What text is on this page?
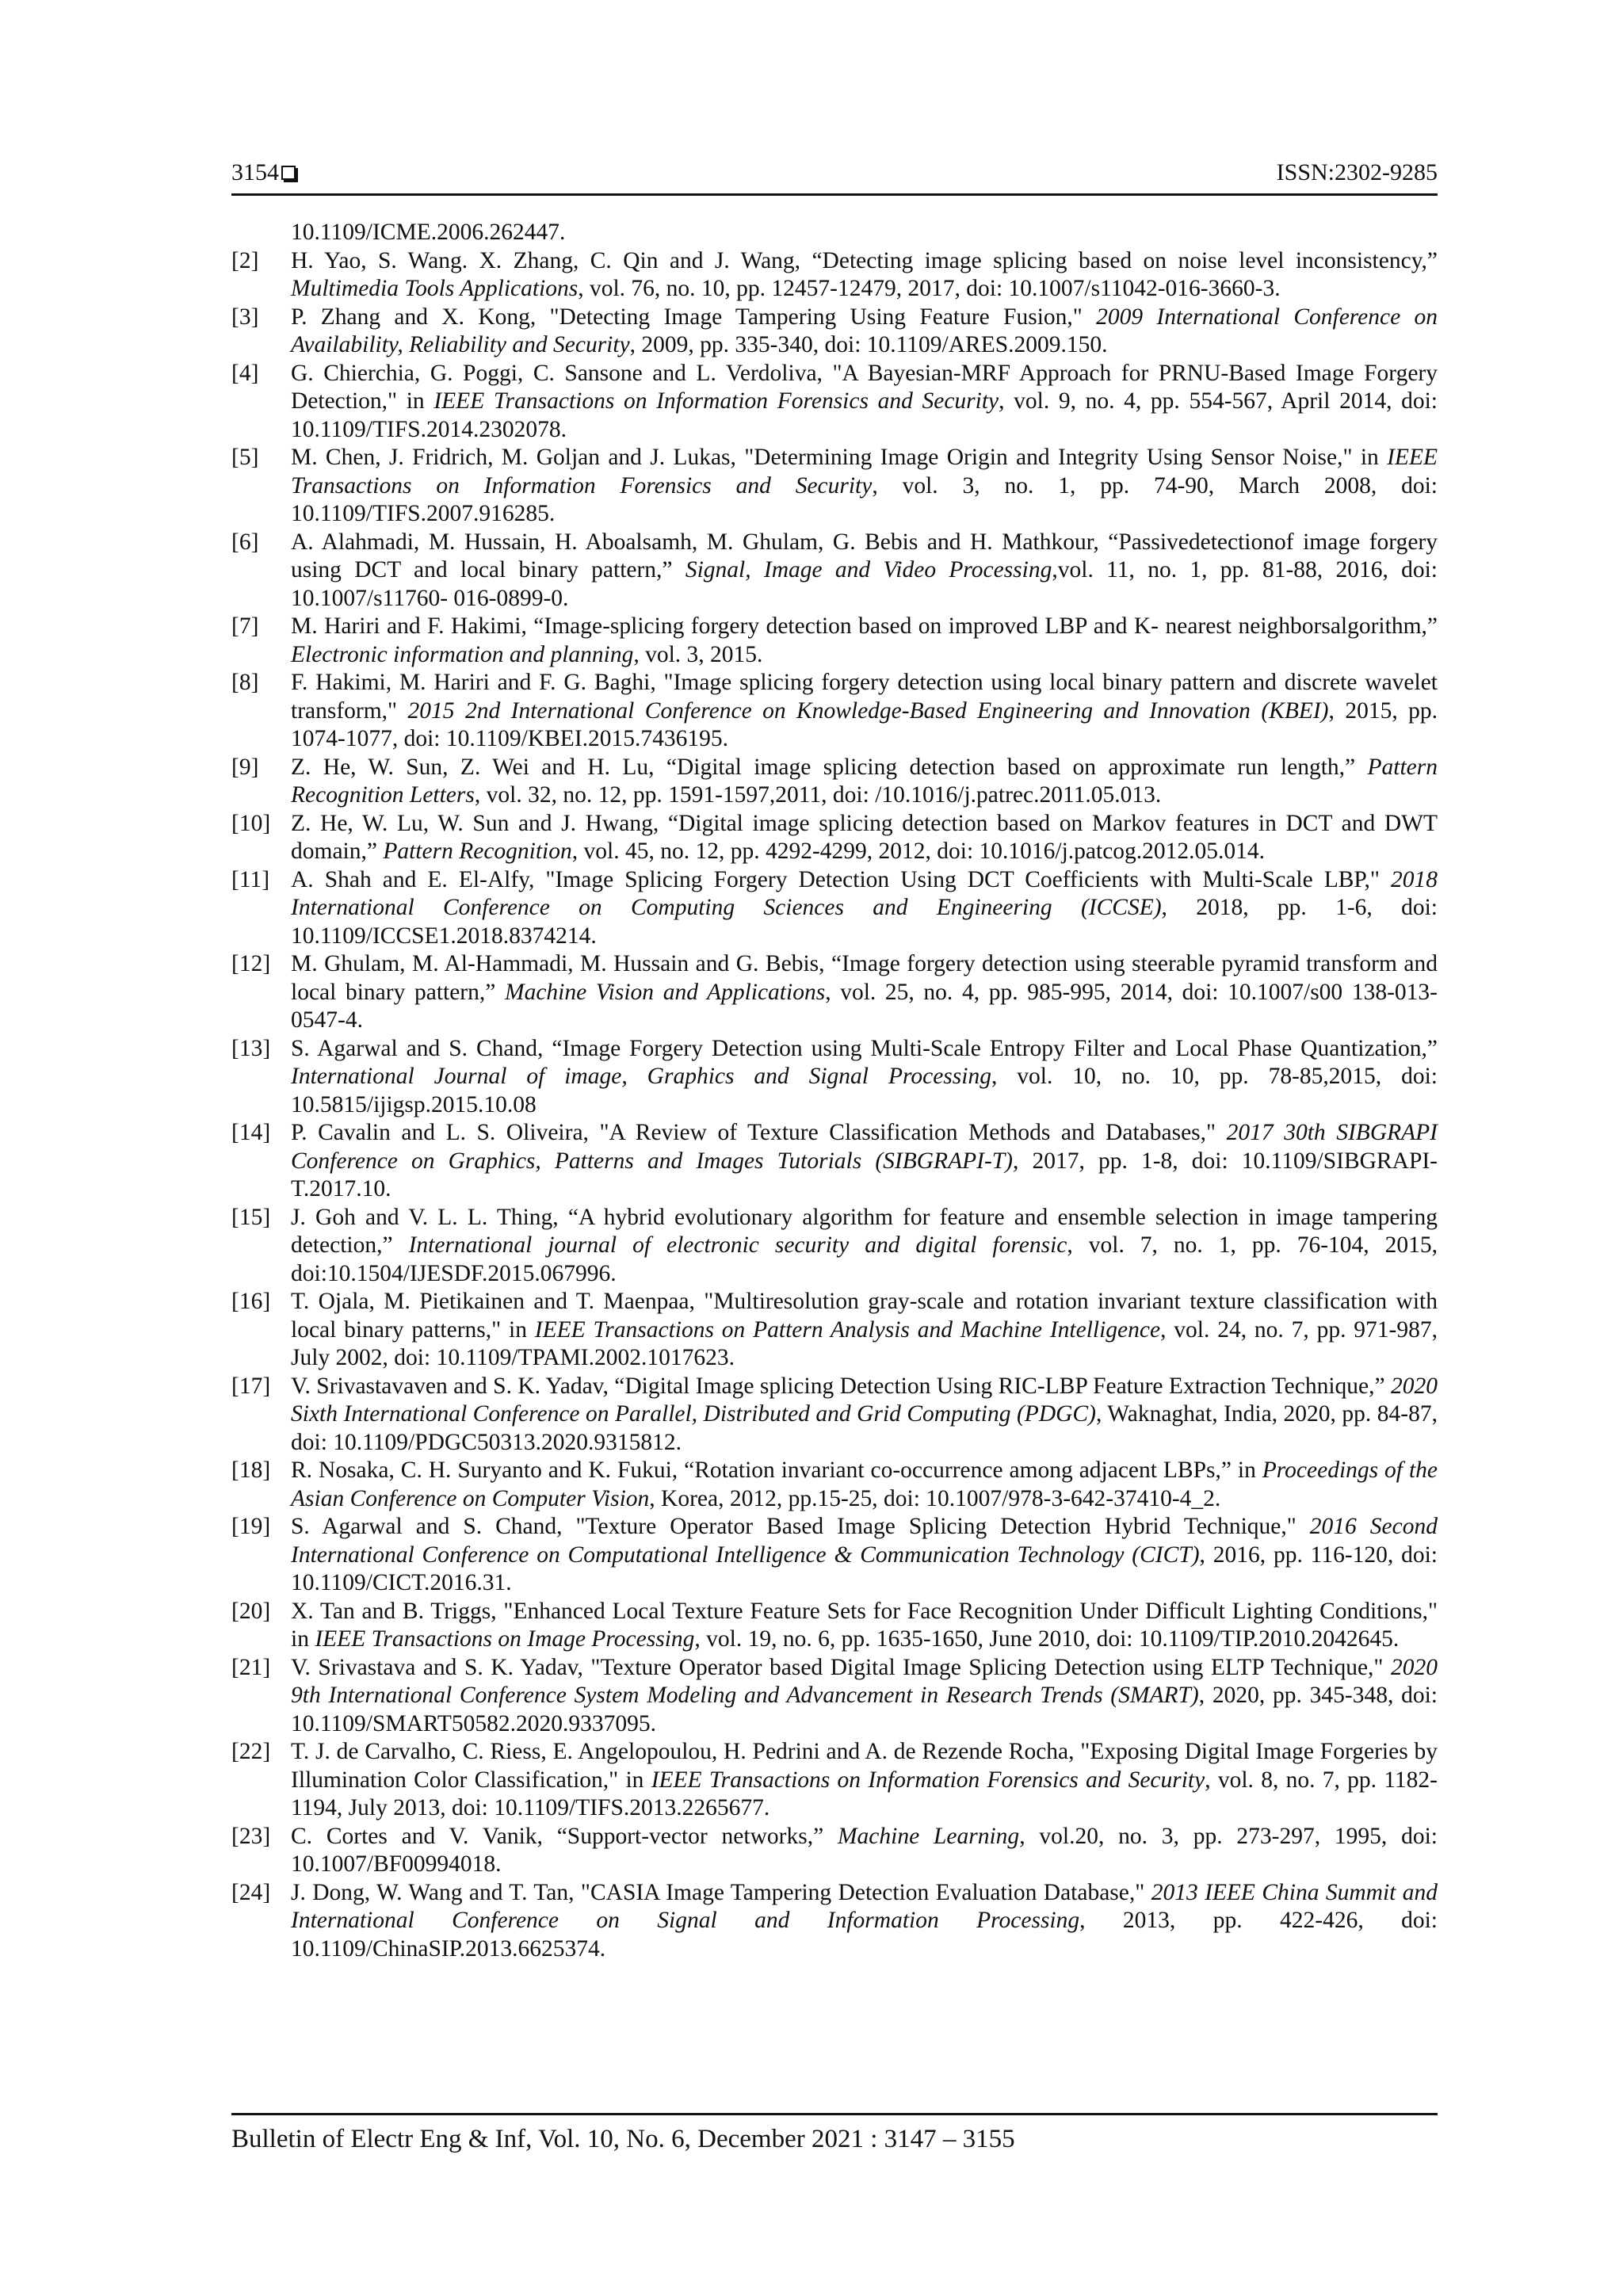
3154	ISSN:2302-9285
10.1109/ICME.2006.262447.
[2] H. Yao, S. Wang. X. Zhang, C. Qin and J. Wang, “Detecting image splicing based on noise level inconsistency,” Multimedia Tools Applications, vol. 76, no. 10, pp. 12457-12479, 2017, doi: 10.1007/s11042-016-3660-3.
[3] P. Zhang and X. Kong, "Detecting Image Tampering Using Feature Fusion," 2009 International Conference on Availability, Reliability and Security, 2009, pp. 335-340, doi: 10.1109/ARES.2009.150.
[4] G. Chierchia, G. Poggi, C. Sansone and L. Verdoliva, "A Bayesian-MRF Approach for PRNU-Based Image Forgery Detection," in IEEE Transactions on Information Forensics and Security, vol. 9, no. 4, pp. 554-567, April 2014, doi: 10.1109/TIFS.2014.2302078.
[5] M. Chen, J. Fridrich, M. Goljan and J. Lukas, "Determining Image Origin and Integrity Using Sensor Noise," in IEEE Transactions on Information Forensics and Security, vol. 3, no. 1, pp. 74-90, March 2008, doi: 10.1109/TIFS.2007.916285.
[6] A. Alahmadi, M. Hussain, H. Aboalsamh, M. Ghulam, G. Bebis and H. Mathkour, “Passivedetectionof image forgery using DCT and local binary pattern,” Signal, Image and Video Processing,vol. 11, no. 1, pp. 81-88, 2016, doi: 10.1007/s11760- 016-0899-0.
[7] M. Hariri and F. Hakimi, “Image-splicing forgery detection based on improved LBP and K- nearest neighborsalgorithm,” Electronic information and planning, vol. 3, 2015.
[8] F. Hakimi, M. Hariri and F. G. Baghi, "Image splicing forgery detection using local binary pattern and discrete wavelet transform," 2015 2nd International Conference on Knowledge-Based Engineering and Innovation (KBEI), 2015, pp. 1074-1077, doi: 10.1109/KBEI.2015.7436195.
[9] Z. He, W. Sun, Z. Wei and H. Lu, “Digital image splicing detection based on approximate run length,” Pattern Recognition Letters, vol. 32, no. 12, pp. 1591-1597,2011, doi: /10.1016/j.patrec.2011.05.013.
[10] Z. He, W. Lu, W. Sun and J. Hwang, “Digital image splicing detection based on Markov features in DCT and DWT domain,” Pattern Recognition, vol. 45, no. 12, pp. 4292-4299, 2012, doi: 10.1016/j.patcog.2012.05.014.
[11] A. Shah and E. El-Alfy, "Image Splicing Forgery Detection Using DCT Coefficients with Multi-Scale LBP," 2018 International Conference on Computing Sciences and Engineering (ICCSE), 2018, pp. 1-6, doi: 10.1109/ICCSE1.2018.8374214.
[12] M. Ghulam, M. Al-Hammadi, M. Hussain and G. Bebis, “Image forgery detection using steerable pyramid transform and local binary pattern,” Machine Vision and Applications, vol. 25, no. 4, pp. 985-995, 2014, doi: 10.1007/s00 138-013-0547-4.
[13] S. Agarwal and S. Chand, “Image Forgery Detection using Multi-Scale Entropy Filter and Local Phase Quantization,” International Journal of image, Graphics and Signal Processing, vol. 10, no. 10, pp. 78-85,2015, doi: 10.5815/ijigsp.2015.10.08
[14] P. Cavalin and L. S. Oliveira, "A Review of Texture Classification Methods and Databases," 2017 30th SIBGRAPI Conference on Graphics, Patterns and Images Tutorials (SIBGRAPI-T), 2017, pp. 1-8, doi: 10.1109/SIBGRAPI-T.2017.10.
[15] J. Goh and V. L. L. Thing, “A hybrid evolutionary algorithm for feature and ensemble selection in image tampering detection,” International journal of electronic security and digital forensic, vol. 7, no. 1, pp. 76-104, 2015, doi:10.1504/IJESDF.2015.067996.
[16] T. Ojala, M. Pietikainen and T. Maenpaa, "Multiresolution gray-scale and rotation invariant texture classification with local binary patterns," in IEEE Transactions on Pattern Analysis and Machine Intelligence, vol. 24, no. 7, pp. 971-987, July 2002, doi: 10.1109/TPAMI.2002.1017623.
[17] V. Srivastavaven and S. K. Yadav, “Digital Image splicing Detection Using RIC-LBP Feature Extraction Technique,” 2020 Sixth International Conference on Parallel, Distributed and Grid Computing (PDGC), Waknaghat, India, 2020, pp. 84-87, doi: 10.1109/PDGC50313.2020.9315812.
[18] R. Nosaka, C. H. Suryanto and K. Fukui, “Rotation invariant co-occurrence among adjacent LBPs,” in Proceedings of the Asian Conference on Computer Vision, Korea, 2012, pp.15-25, doi: 10.1007/978-3-642-37410-4_2.
[19] S. Agarwal and S. Chand, "Texture Operator Based Image Splicing Detection Hybrid Technique," 2016 Second International Conference on Computational Intelligence & Communication Technology (CICT), 2016, pp. 116-120, doi: 10.1109/CICT.2016.31.
[20] X. Tan and B. Triggs, "Enhanced Local Texture Feature Sets for Face Recognition Under Difficult Lighting Conditions," in IEEE Transactions on Image Processing, vol. 19, no. 6, pp. 1635-1650, June 2010, doi: 10.1109/TIP.2010.2042645.
[21] V. Srivastava and S. K. Yadav, "Texture Operator based Digital Image Splicing Detection using ELTP Technique," 2020 9th International Conference System Modeling and Advancement in Research Trends (SMART), 2020, pp. 345-348, doi: 10.1109/SMART50582.2020.9337095.
[22] T. J. de Carvalho, C. Riess, E. Angelopoulou, H. Pedrini and A. de Rezende Rocha, "Exposing Digital Image Forgeries by Illumination Color Classification," in IEEE Transactions on Information Forensics and Security, vol. 8, no. 7, pp. 1182-1194, July 2013, doi: 10.1109/TIFS.2013.2265677.
[23] C. Cortes and V. Vanik, “Support-vector networks,” Machine Learning, vol.20, no. 3, pp. 273-297, 1995, doi: 10.1007/BF00994018.
[24] J. Dong, W. Wang and T. Tan, "CASIA Image Tampering Detection Evaluation Database," 2013 IEEE China Summit and International Conference on Signal and Information Processing, 2013, pp. 422-426, doi: 10.1109/ChinaSIP.2013.6625374.
Bulletin of Electr Eng & Inf, Vol. 10, No. 6, December 2021 : 3147 – 3155
